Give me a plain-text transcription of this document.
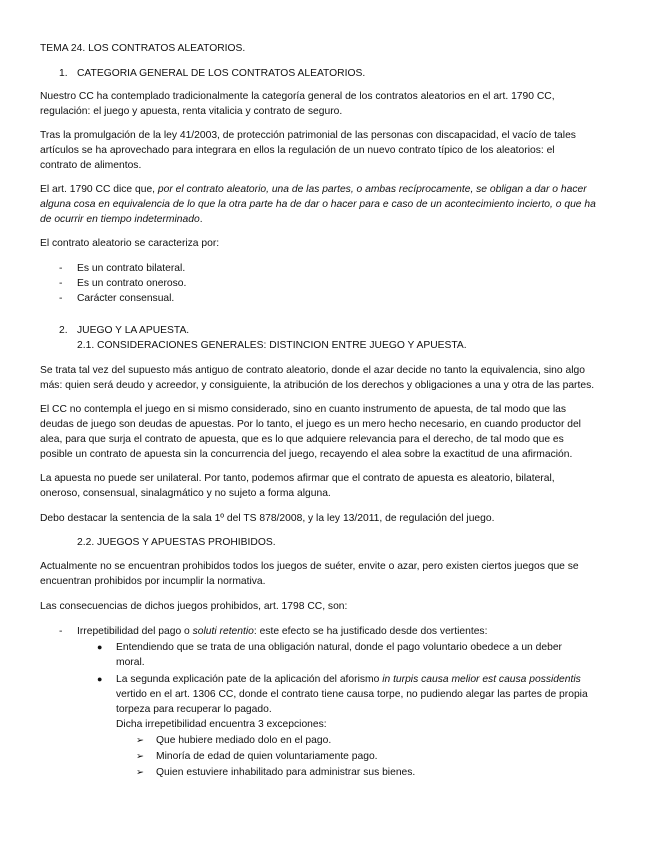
TEMA 24. LOS CONTRATOS ALEATORIOS.
1. CATEGORIA GENERAL DE LOS CONTRATOS ALEATORIOS.
Nuestro CC ha contemplado tradicionalmente la categoría general de los contratos aleatorios en el art. 1790 CC,
regulación: el juego y apuesta, renta vitalicia y contrato de seguro.
Tras la promulgación de la ley 41/2003, de protección patrimonial de las personas con discapacidad, el vacío de tales
artículos se ha aprovechado para integrara en ellos la regulación de un nuevo contrato típico de los aleatorios: el
contrato de alimentos.
El art. 1790 CC dice que, por el contrato aleatorio, una de las partes, o ambas recíprocamente, se obligan a dar o hacer
alguna cosa en equivalencia de lo que la otra parte ha de dar o hacer para e caso de un acontecimiento incierto, o que ha
de ocurrir en tiempo indeterminado.
El contrato aleatorio se caracteriza por:
- Es un contrato bilateral.
- Es un contrato oneroso.
- Carácter consensual.
2. JUEGO Y LA APUESTA.
2.1. CONSIDERACIONES GENERALES: DISTINCION ENTRE JUEGO Y APUESTA.
Se trata tal vez del supuesto más antiguo de contrato aleatorio, donde el azar decide no tanto la equivalencia, sino algo
más: quien será deudo y acreedor, y consiguiente, la atribución de los derechos y obligaciones a una y otra de las partes.
El CC no contempla el juego en si mismo considerado, sino en cuanto instrumento de apuesta, de tal modo que las
deudas de juego son deudas de apuestas. Por lo tanto, el juego es un mero hecho necesario, en cuando productor del
alea, para que surja el contrato de apuesta, que es lo que adquiere relevancia para el derecho, de tal modo que es
posible un contrato de apuesta sin la concurrencia del juego, recayendo el alea sobre la exactitud de una afirmación.
La apuesta no puede ser unilateral. Por tanto, podemos afirmar que el contrato de apuesta es aleatorio, bilateral,
oneroso, consensual, sinalagmático y no sujeto a forma alguna.
Debo destacar la sentencia de la sala 1º del TS 878/2008, y la ley 13/2011, de regulación del juego.
2.2. JUEGOS Y APUESTAS PROHIBIDOS.
Actualmente no se encuentran prohibidos todos los juegos de suéter, envite o azar, pero existen ciertos juegos que se
encuentran prohibidos por incumplir la normativa.
Las consecuencias de dichos juegos prohibidos, art. 1798 CC, son:
- Irrepetibilidad del pago o soluti retentio: este efecto se ha justificado desde dos vertientes:
● Entendiendo que se trata de una obligación natural, donde el pago voluntario obedece a un deber
moral.
● La segunda explicación pate de la aplicación del aforismo in turpis causa melior est causa possidentis
vertido en el art. 1306 CC, donde el contrato tiene causa torpe, no pudiendo alegar las partes de propia
torpeza para recuperar lo pagado.
Dicha irrepetibilidad encuentra 3 excepciones:
➢ Que hubiere mediado dolo en el pago.
➢ Minoría de edad de quien voluntariamente pago.
➢ Quien estuviere inhabilitado para administrar sus bienes.
